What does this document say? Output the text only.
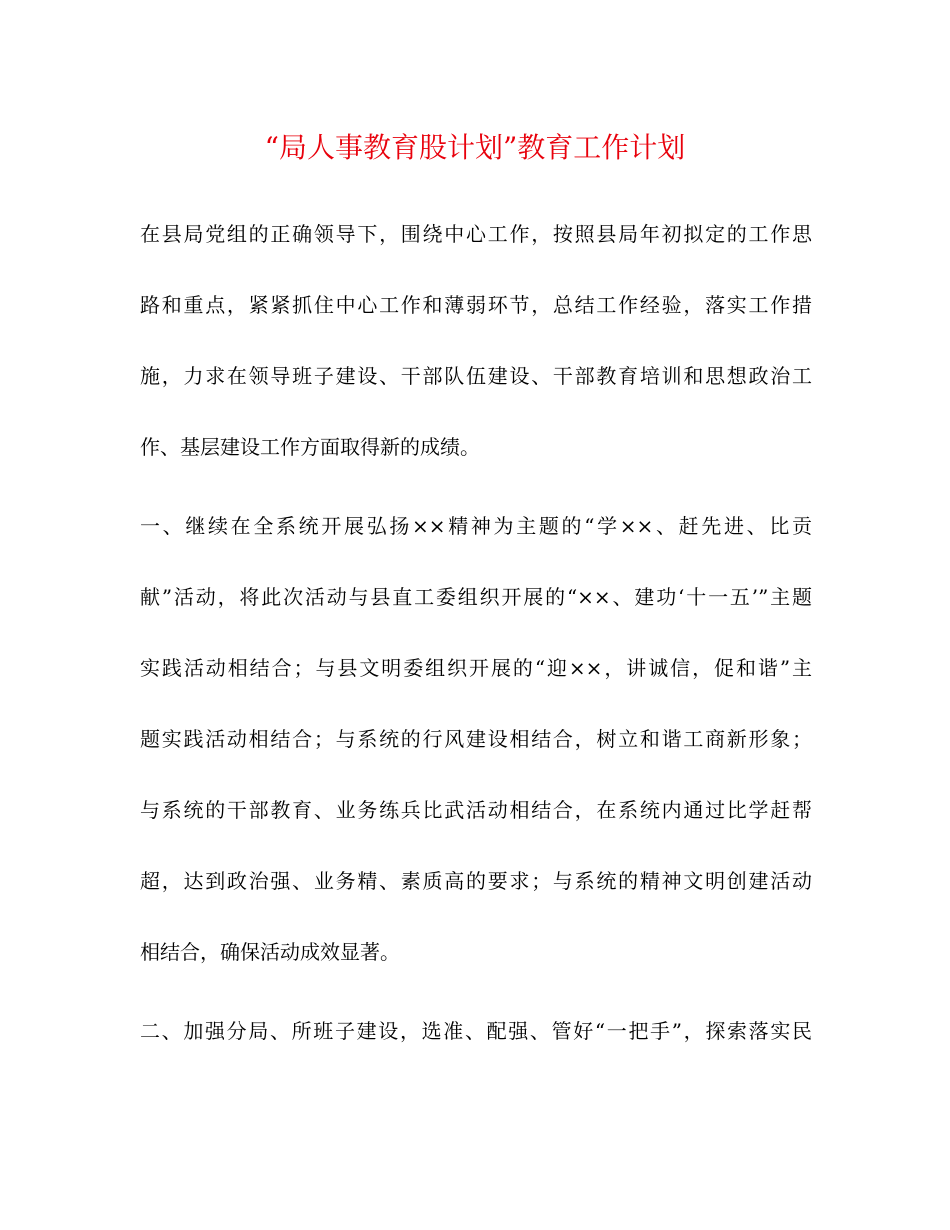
“局人事教育股计划”教育工作计划
在县局党组的正确领导下，围绕中心工作，按照县局年初拟定的工作思
路和重点，紧紧抓住中心工作和薄弱环节，总结工作经验，落实工作措
施，力求在领导班子建设、干部队伍建设、干部教育培训和思想政治工
作、基层建设工作方面取得新的成绩。
一、继续在全系统开展弘扬××精神为主题的“学××、赶先进、比贡
献”活动，将此次活动与县直工委组织开展的“××、建功‘十一五’”主题
实践活动相结合；与县文明委组织开展的“迎××，讲诚信，促和谐”主
题实践活动相结合；与系统的行风建设相结合，树立和谐工商新形象；
与系统的干部教育、业务练兵比武活动相结合，在系统内通过比学赶帮
超，达到政治强、业务精、素质高的要求；与系统的精神文明创建活动
相结合，确保活动成效显著。
二、加强分局、所班子建设，选准、配强、管好“一把手”，探索落实民
